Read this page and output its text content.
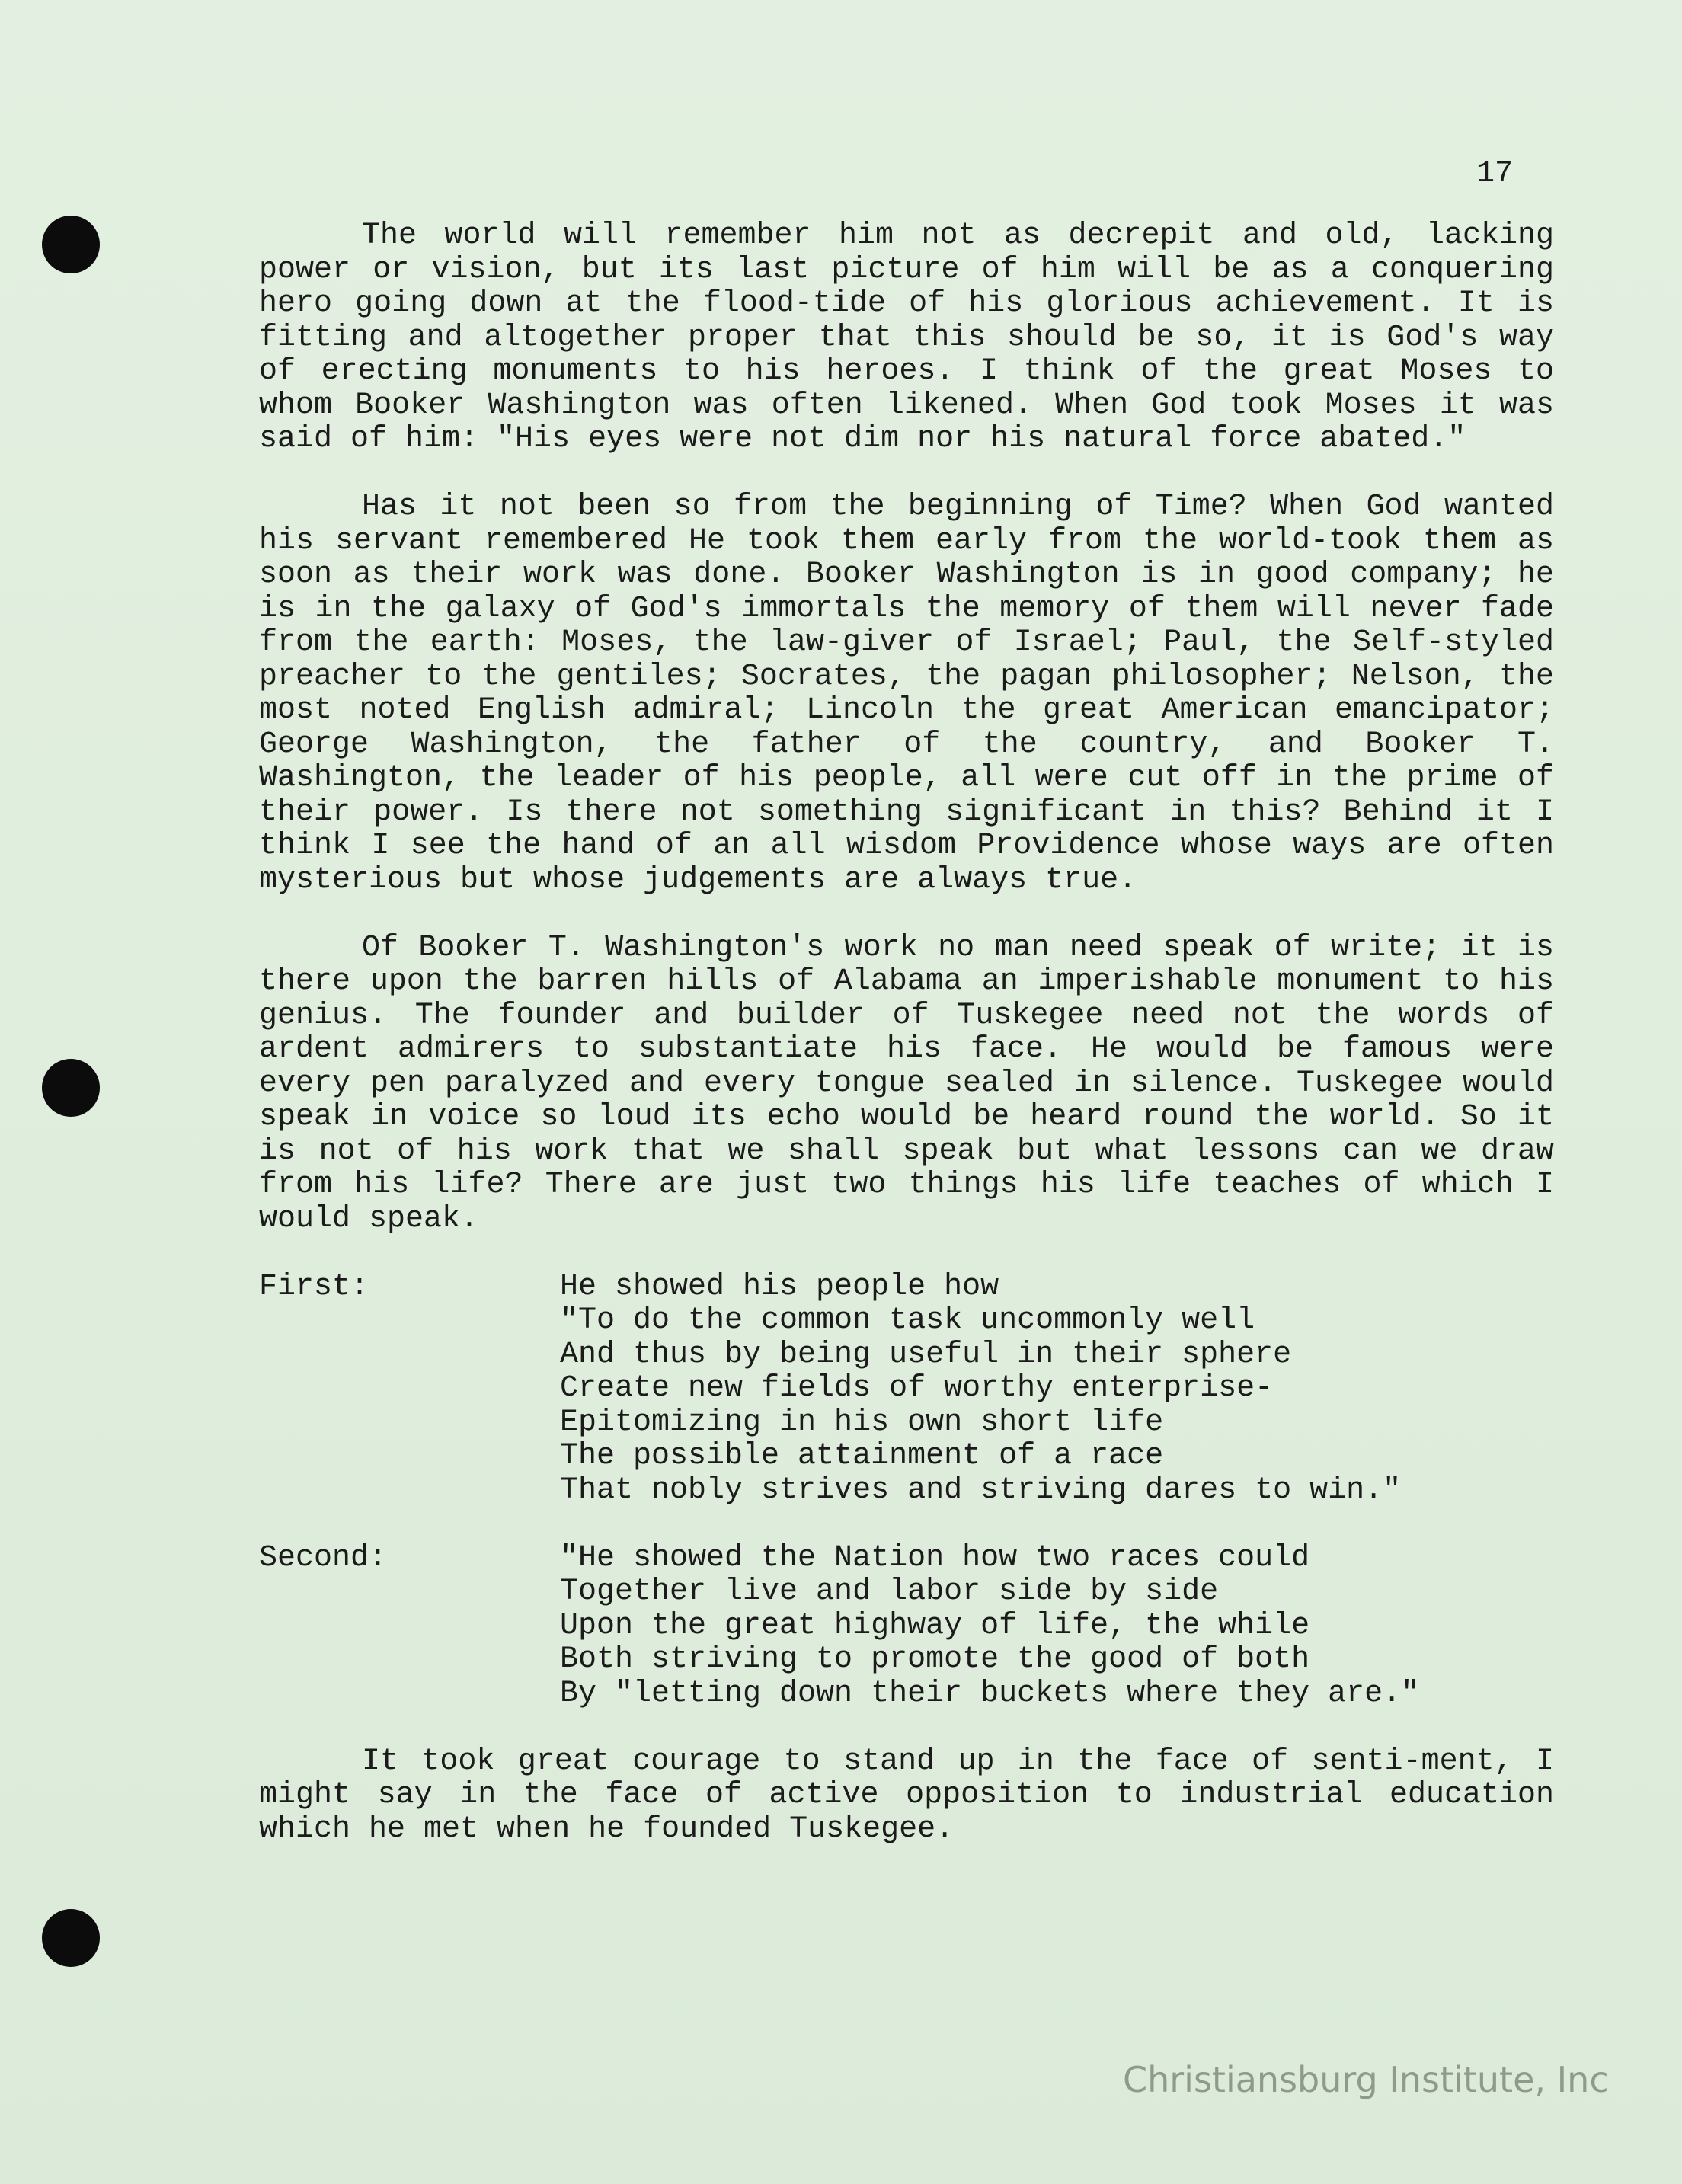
17

The world will remember him not as decrepit and old, lacking power or vision, but its last picture of him will be as a conquering hero going down at the flood-tide of his glorious achievement. It is fitting and altogether proper that this should be so, it is God's way of erecting monuments to his heroes. I think of the great Moses to whom Booker Washington was often likened. When God took Moses it was said of him: "His eyes were not dim nor his natural force abated."

Has it not been so from the beginning of Time? When God wanted his servant remembered He took them early from the world-took them as soon as their work was done. Booker Washington is in good company; he is in the galaxy of God's immortals the memory of them will never fade from the earth: Moses, the law-giver of Israel; Paul, the Self-styled preacher to the gentiles; Socrates, the pagan philosopher; Nelson, the most noted English admiral; Lincoln the great American emancipator; George Washington, the father of the country, and Booker T. Washington, the leader of his people, all were cut off in the prime of their power. Is there not something significant in this? Behind it I think I see the hand of an all wisdom Providence whose ways are often mysterious but whose judgements are always true.

Of Booker T. Washington's work no man need speak of write; it is there upon the barren hills of Alabama an imperishable monument to his genius. The founder and builder of Tuskegee need not the words of ardent admirers to substantiate his face. He would be famous were every pen paralyzed and every tongue sealed in silence. Tuskegee would speak in voice so loud its echo would be heard round the world. So it is not of his work that we shall speak but what lessons can we draw from his life? There are just two things his life teaches of which I would speak.

First:	He showed his people how
"To do the common task uncommonly well
And thus by being useful in their sphere
Create new fields of worthy enterprise-
Epitomizing in his own short life
The possible attainment of a race
That nobly strives and striving dares to win."
Second:	"He showed the Nation how two races could
Together live and labor side by side
Upon the great highway of life, the while
Both striving to promote the good of both
By "letting down their buckets where they are."

It took great courage to stand up in the face of senti-ment, I might say in the face of active opposition to industrial education which he met when he founded Tuskegee.

Christiansburg Institute, Inc
